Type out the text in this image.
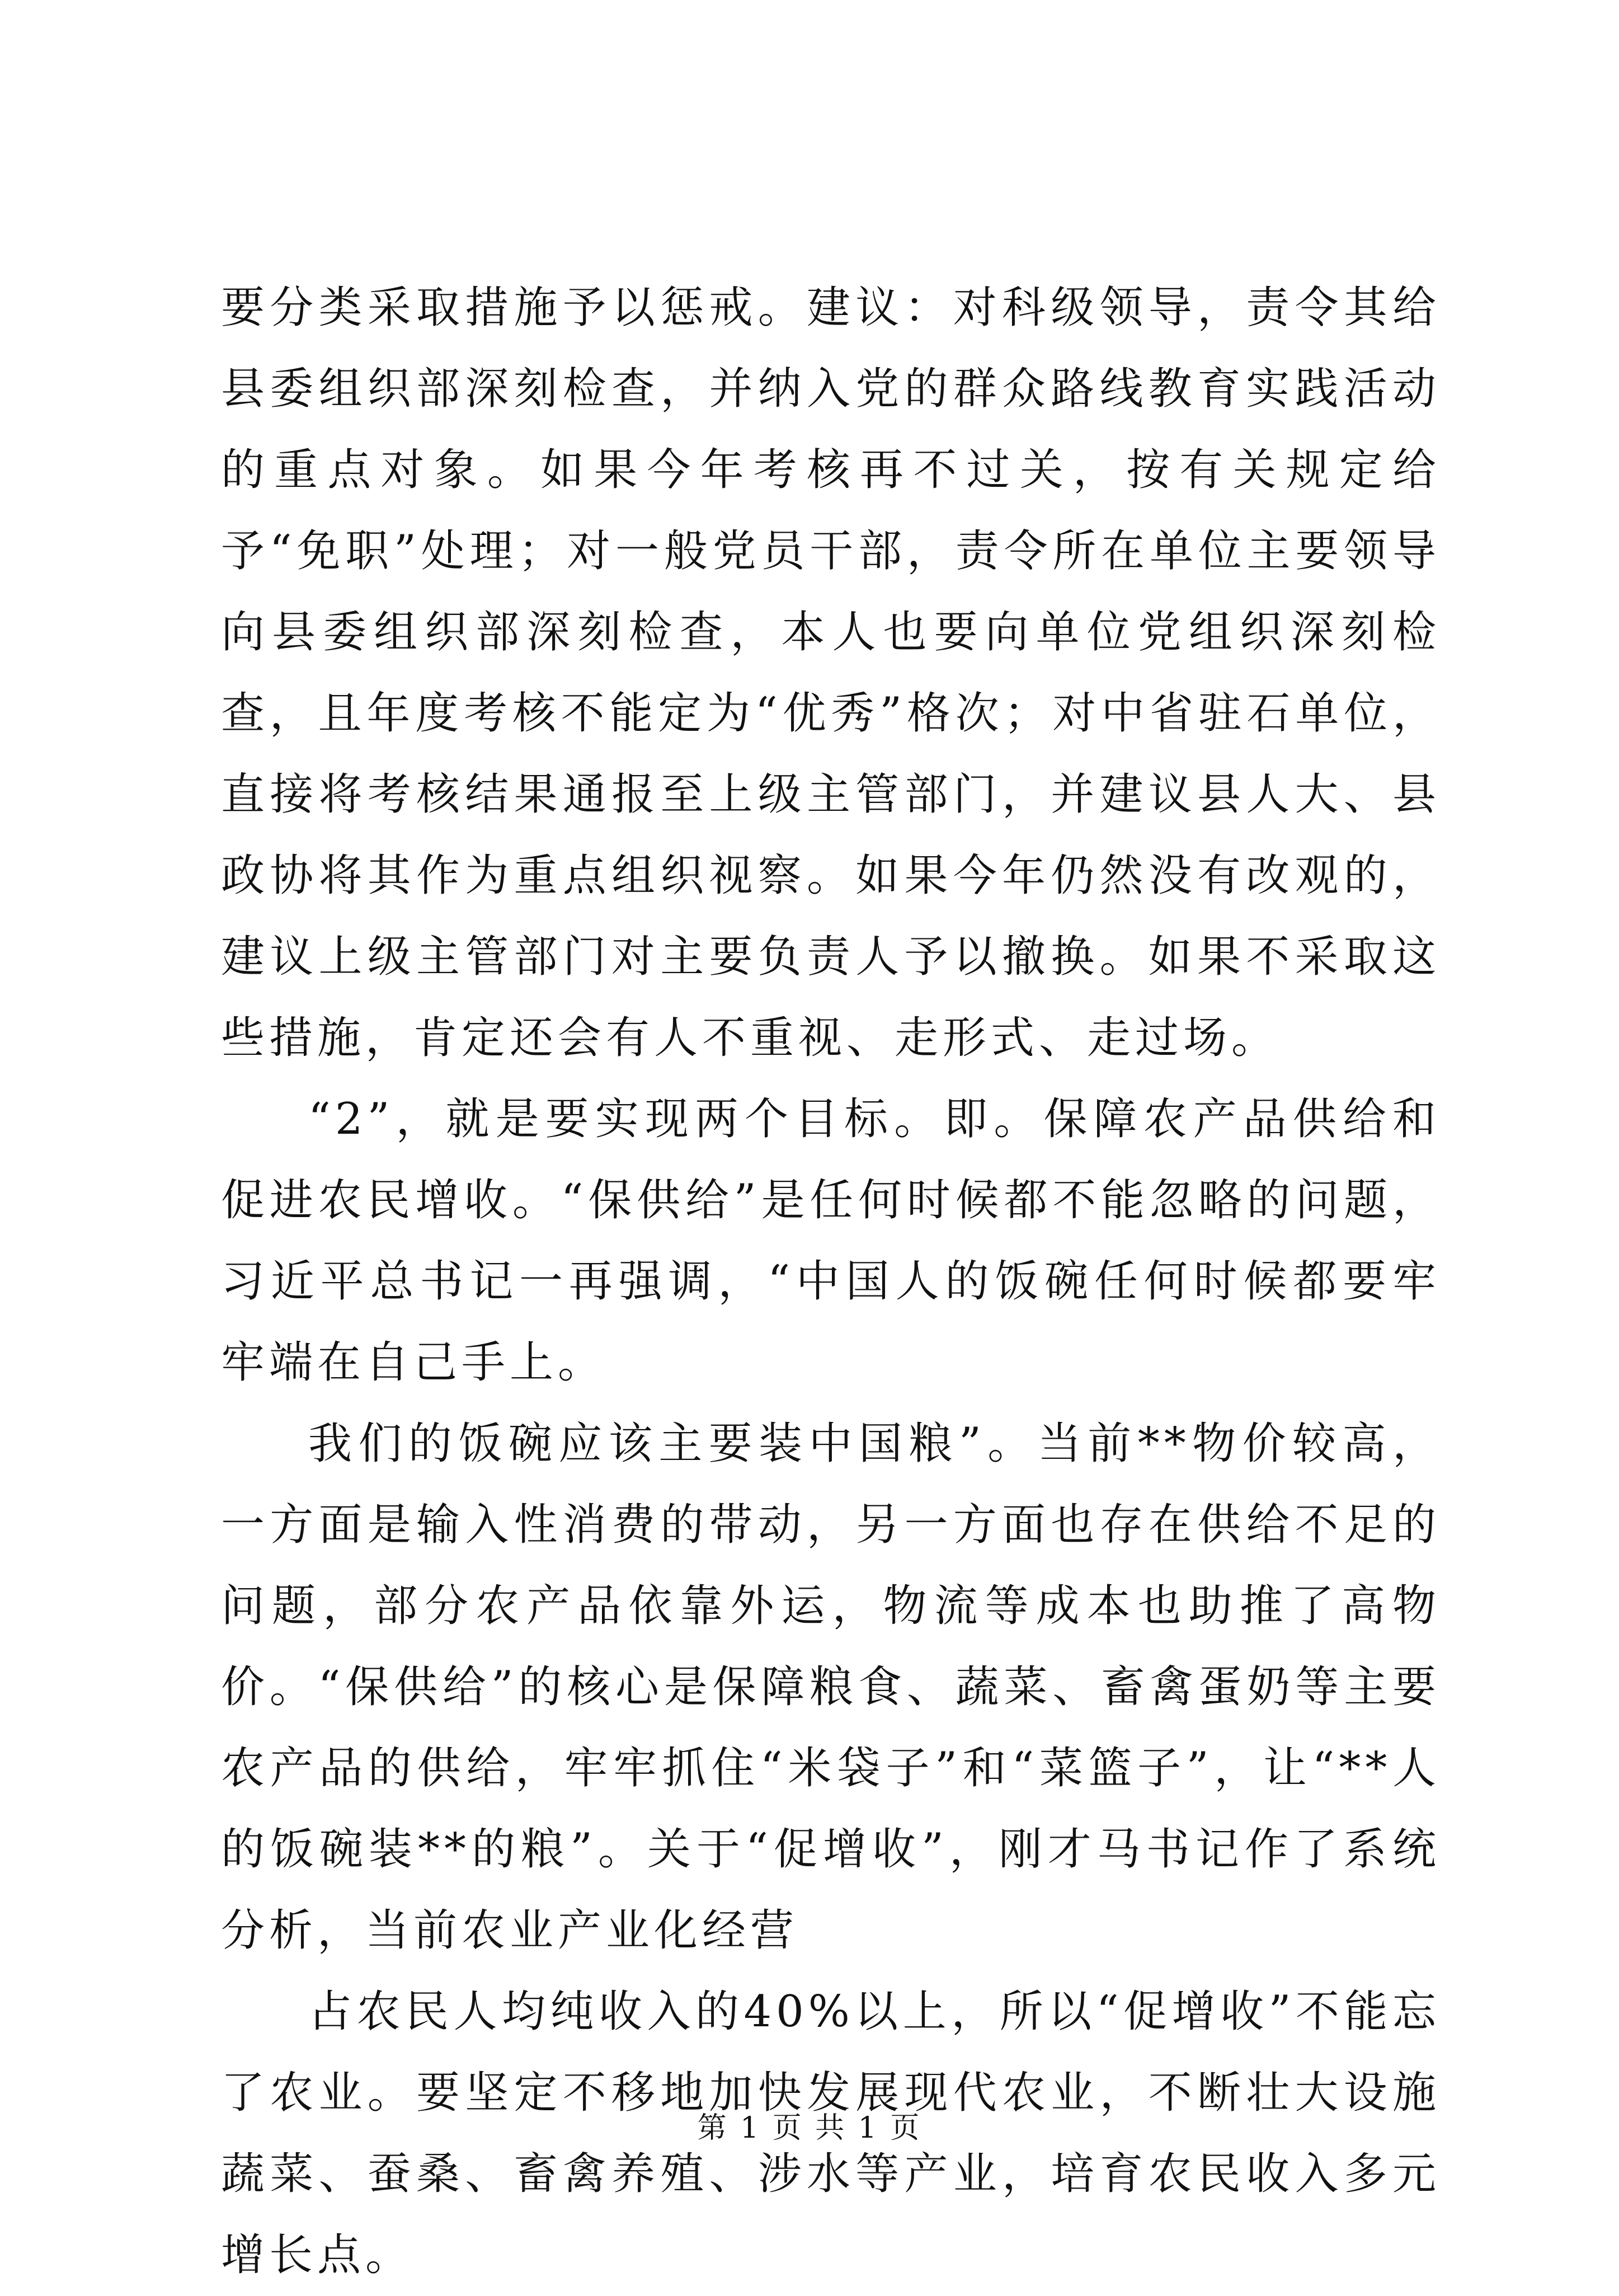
要分类采取措施予以惩戒。建议：对科级领导，责令其给县委组织部深刻检查，并纳入党的群众路线教育实践活动的重点对象。如果今年考核再不过关，按有关规定给予“免职”处理；对一般党员干部，责令所在单位主要领导向县委组织部深刻检查，本人也要向单位党组织深刻检查，且年度考核不能定为“优秀”格次；对中省驻石单位，直接将考核结果通报至上级主管部门，并建议县人大、县政协将其作为重点组织视察。如果今年仍然没有改观的，建议上级主管部门对主要负责人予以撤换。如果不采取这些措施，肯定还会有人不重视、走形式、走过场。

“2”，就是要实现两个目标。即。保障农产品供给和促进农民增收。“保供给”是任何时候都不能忽略的问题，习近平总书记一再强调，“中国人的饭碗任何时候都要牢牢端在自己手上。

我们的饭碗应该主要装中国粮”。当前**物价较高，一方面是输入性消费的带动，另一方面也存在供给不足的问题，部分农产品依靠外运，物流等成本也助推了高物价。“保供给”的核心是保障粮食、蔬菜、畜禽蛋奶等主要农产品的供给，牢牢抓住“米袋子”和“菜篮子”，让“**人的饭碗装**的粮”。关于“促增收”，刚才马书记作了系统分析，当前农业产业化经营

占农民人均纯收入的40%以上，所以“促增收”不能忘了农业。要坚定不移地加快发展现代农业，不断壮大设施蔬菜、蚕桑、畜禽养殖、涉水等产业，培育农民收入多元增长点。

第 1 页 共 1 页
